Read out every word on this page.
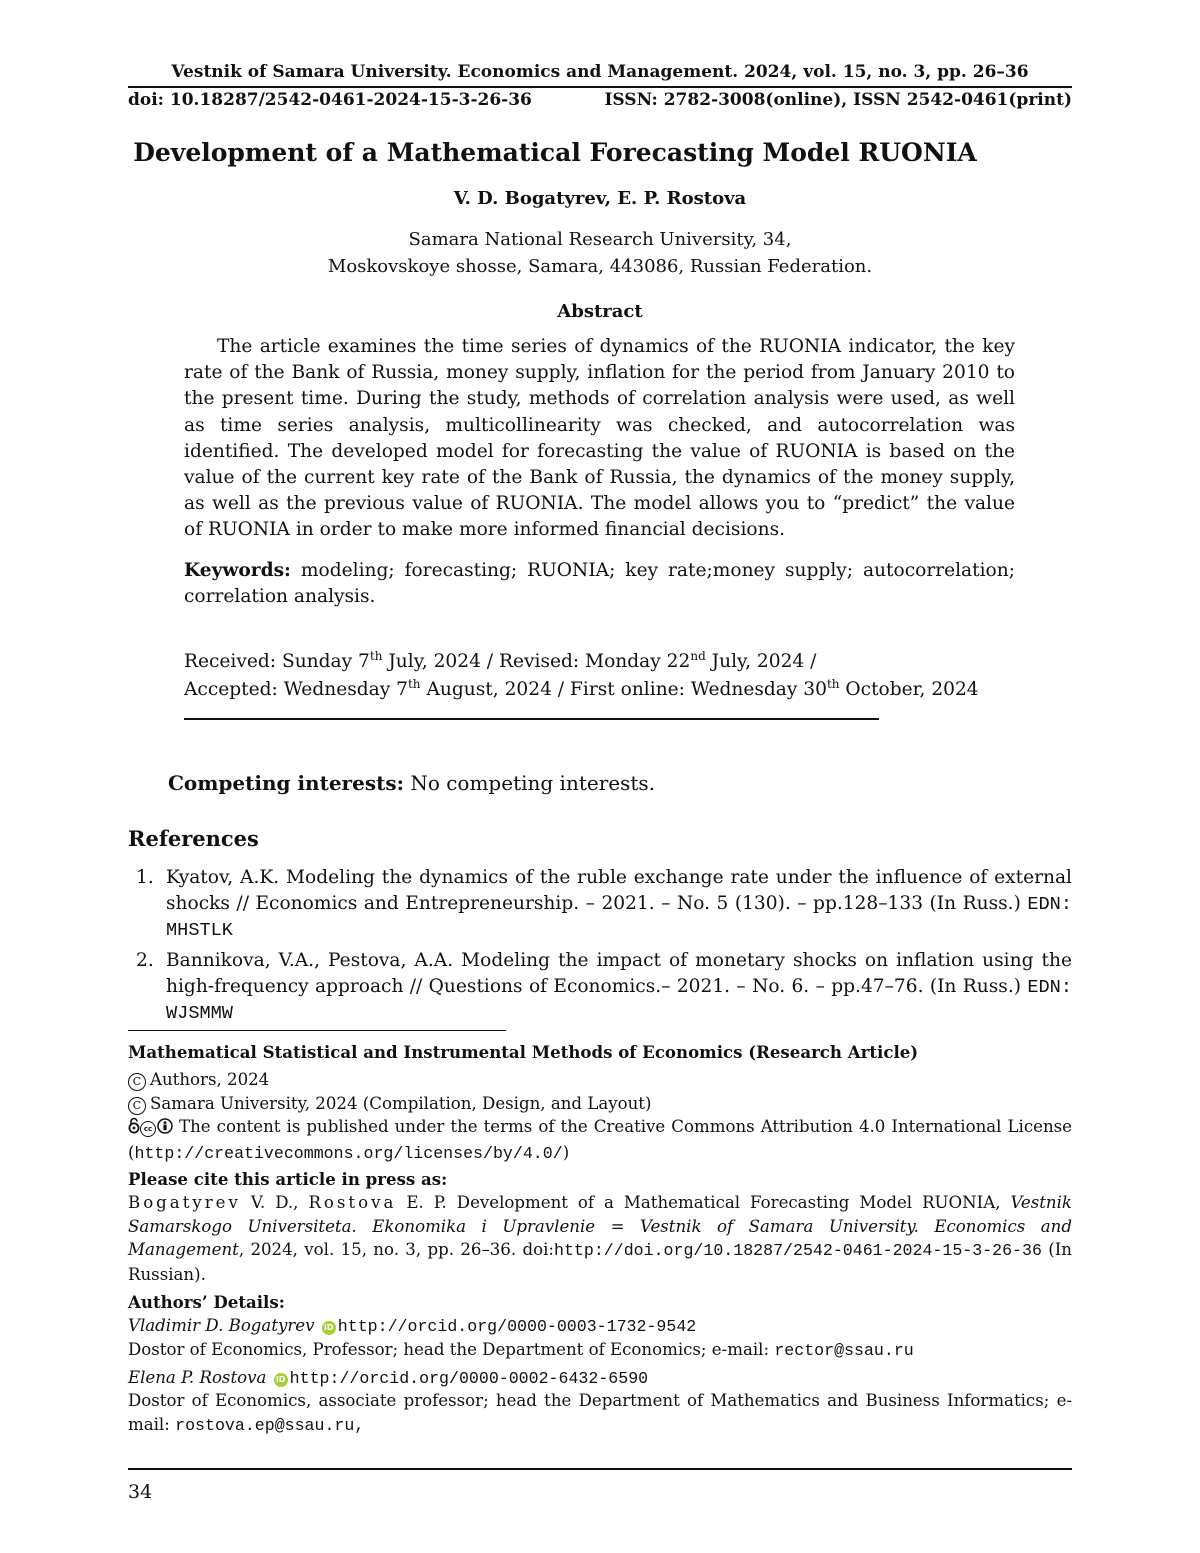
Vestnik of Samara University. Economics and Management. 2024, vol. 15, no. 3, pp. 26–36
doi: 10.18287/2542-0461-2024-15-3-26-36	ISSN: 2782-3008(online), ISSN 2542-0461(print)
Development of a Mathematical Forecasting Model RUONIA
V. D. Bogatyrev, E. P. Rostova
Samara National Research University, 34,
Moskovskoye shosse, Samara, 443086, Russian Federation.
Abstract
The article examines the time series of dynamics of the RUONIA indicator, the key rate of the Bank of Russia, money supply, inflation for the period from January 2010 to the present time. During the study, methods of correlation analysis were used, as well as time series analysis, multicollinearity was checked, and autocorrelation was identified. The developed model for forecasting the value of RUONIA is based on the value of the current key rate of the Bank of Russia, the dynamics of the money supply, as well as the previous value of RUONIA. The model allows you to “predict” the value of RUONIA in order to make more informed financial decisions.
Keywords: modeling; forecasting; RUONIA; key rate;money supply; autocorrelation; correlation analysis.
Received: Sunday 7th July, 2024 / Revised: Monday 22nd July, 2024 /
Accepted: Wednesday 7th August, 2024 / First online: Wednesday 30th October, 2024
Competing interests: No competing interests.
References
1. Kyatov, A.K. Modeling the dynamics of the ruble exchange rate under the influence of external shocks // Economics and Entrepreneurship. – 2021. – No. 5 (130). – pp.128–133 (In Russ.) EDN: MHSTLK
2. Bannikova, V.A., Pestova, A.A. Modeling the impact of monetary shocks on inflation using the high-frequency approach // Questions of Economics.– 2021. – No. 6. – pp.47–76. (In Russ.) EDN: WJSMMW
Mathematical Statistical and Instrumental Methods of Economics (Research Article)
C Authors, 2024
C Samara University, 2024 (Compilation, Design, and Layout)
cc The content is published under the terms of the Creative Commons Attribution 4.0 International License (http://creativecommons.org/licenses/by/4.0/)
Please cite this article in press as:
Bogatyrev V. D., Rostova E. P. Development of a Mathematical Forecasting Model RUONIA, Vestnik Samarskogo Universiteta. Ekonomika i Upravlenie = Vestnik of Samara University. Economics and Management, 2024, vol. 15, no. 3, pp. 26–36. doi:http://doi.org/10.18287/2542-0461-2024-15-3-26-36 (In Russian).
Authors’ Details:
Vladimir D. Bogatyrev iD http://orcid.org/0000-0003-1732-9542
Dostor of Economics, Professor; head the Department of Economics; e-mail: rector@ssau.ru
Elena P. Rostova iD http://orcid.org/0000-0002-6432-6590
Dostor of Economics, associate professor; head the Department of Mathematics and Business Informatics; e-mail: rostova.ep@ssau.ru,
34
